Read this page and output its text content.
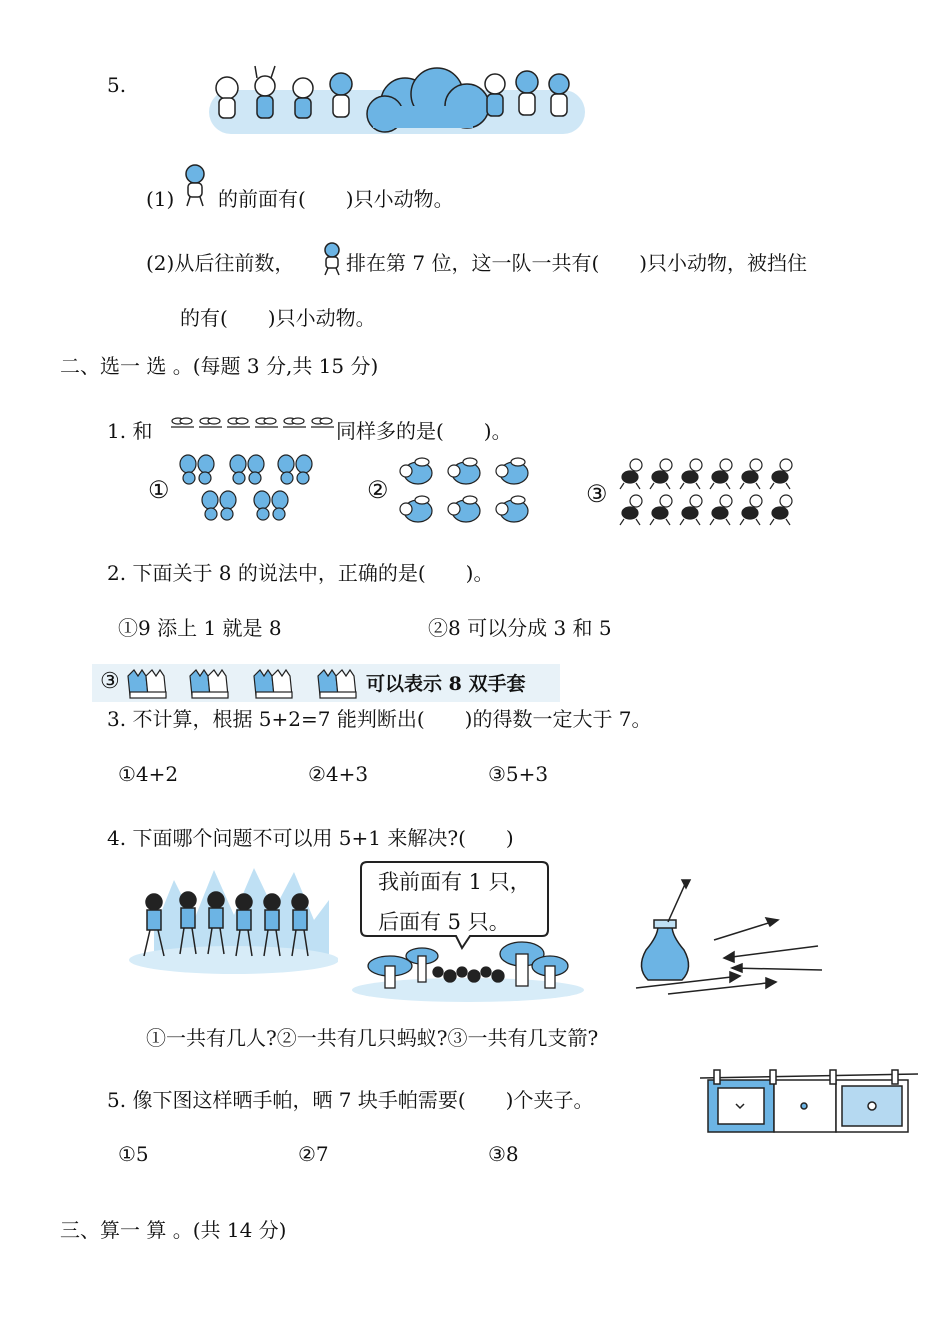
5.
(1) 的前面有(　　)只小动物。
(2)从后往前数，	排在第 7 位，这一队一共有(　　)只小动物，被挡住
的有(　　)只小动物。
二、选一 选 。(每题 3 分,共 15 分)
1. 和	同样多的是(　　)。
①	②	③
2. 下面关于 8 的说法中，正确的是(　　)。
①9 添上 1 就是 8	②8 可以分成 3 和 5
③	可以表示 8 双手套
3. 不计算，根据 5+2=7 能判断出(　　)的得数一定大于 7。
①4+2	②4+3	③5+3
4. 下面哪个问题不可以用 5+1 来解决?(　　)
我前面有 1 只，
后面有 5 只。
①一共有几人?②一共有几只蚂蚁?③一共有几支箭?
5. 像下图这样晒手帕，晒 7 块手帕需要(　　)个夹子。
①5	②7	③8
三、算一 算 。(共 14 分)
